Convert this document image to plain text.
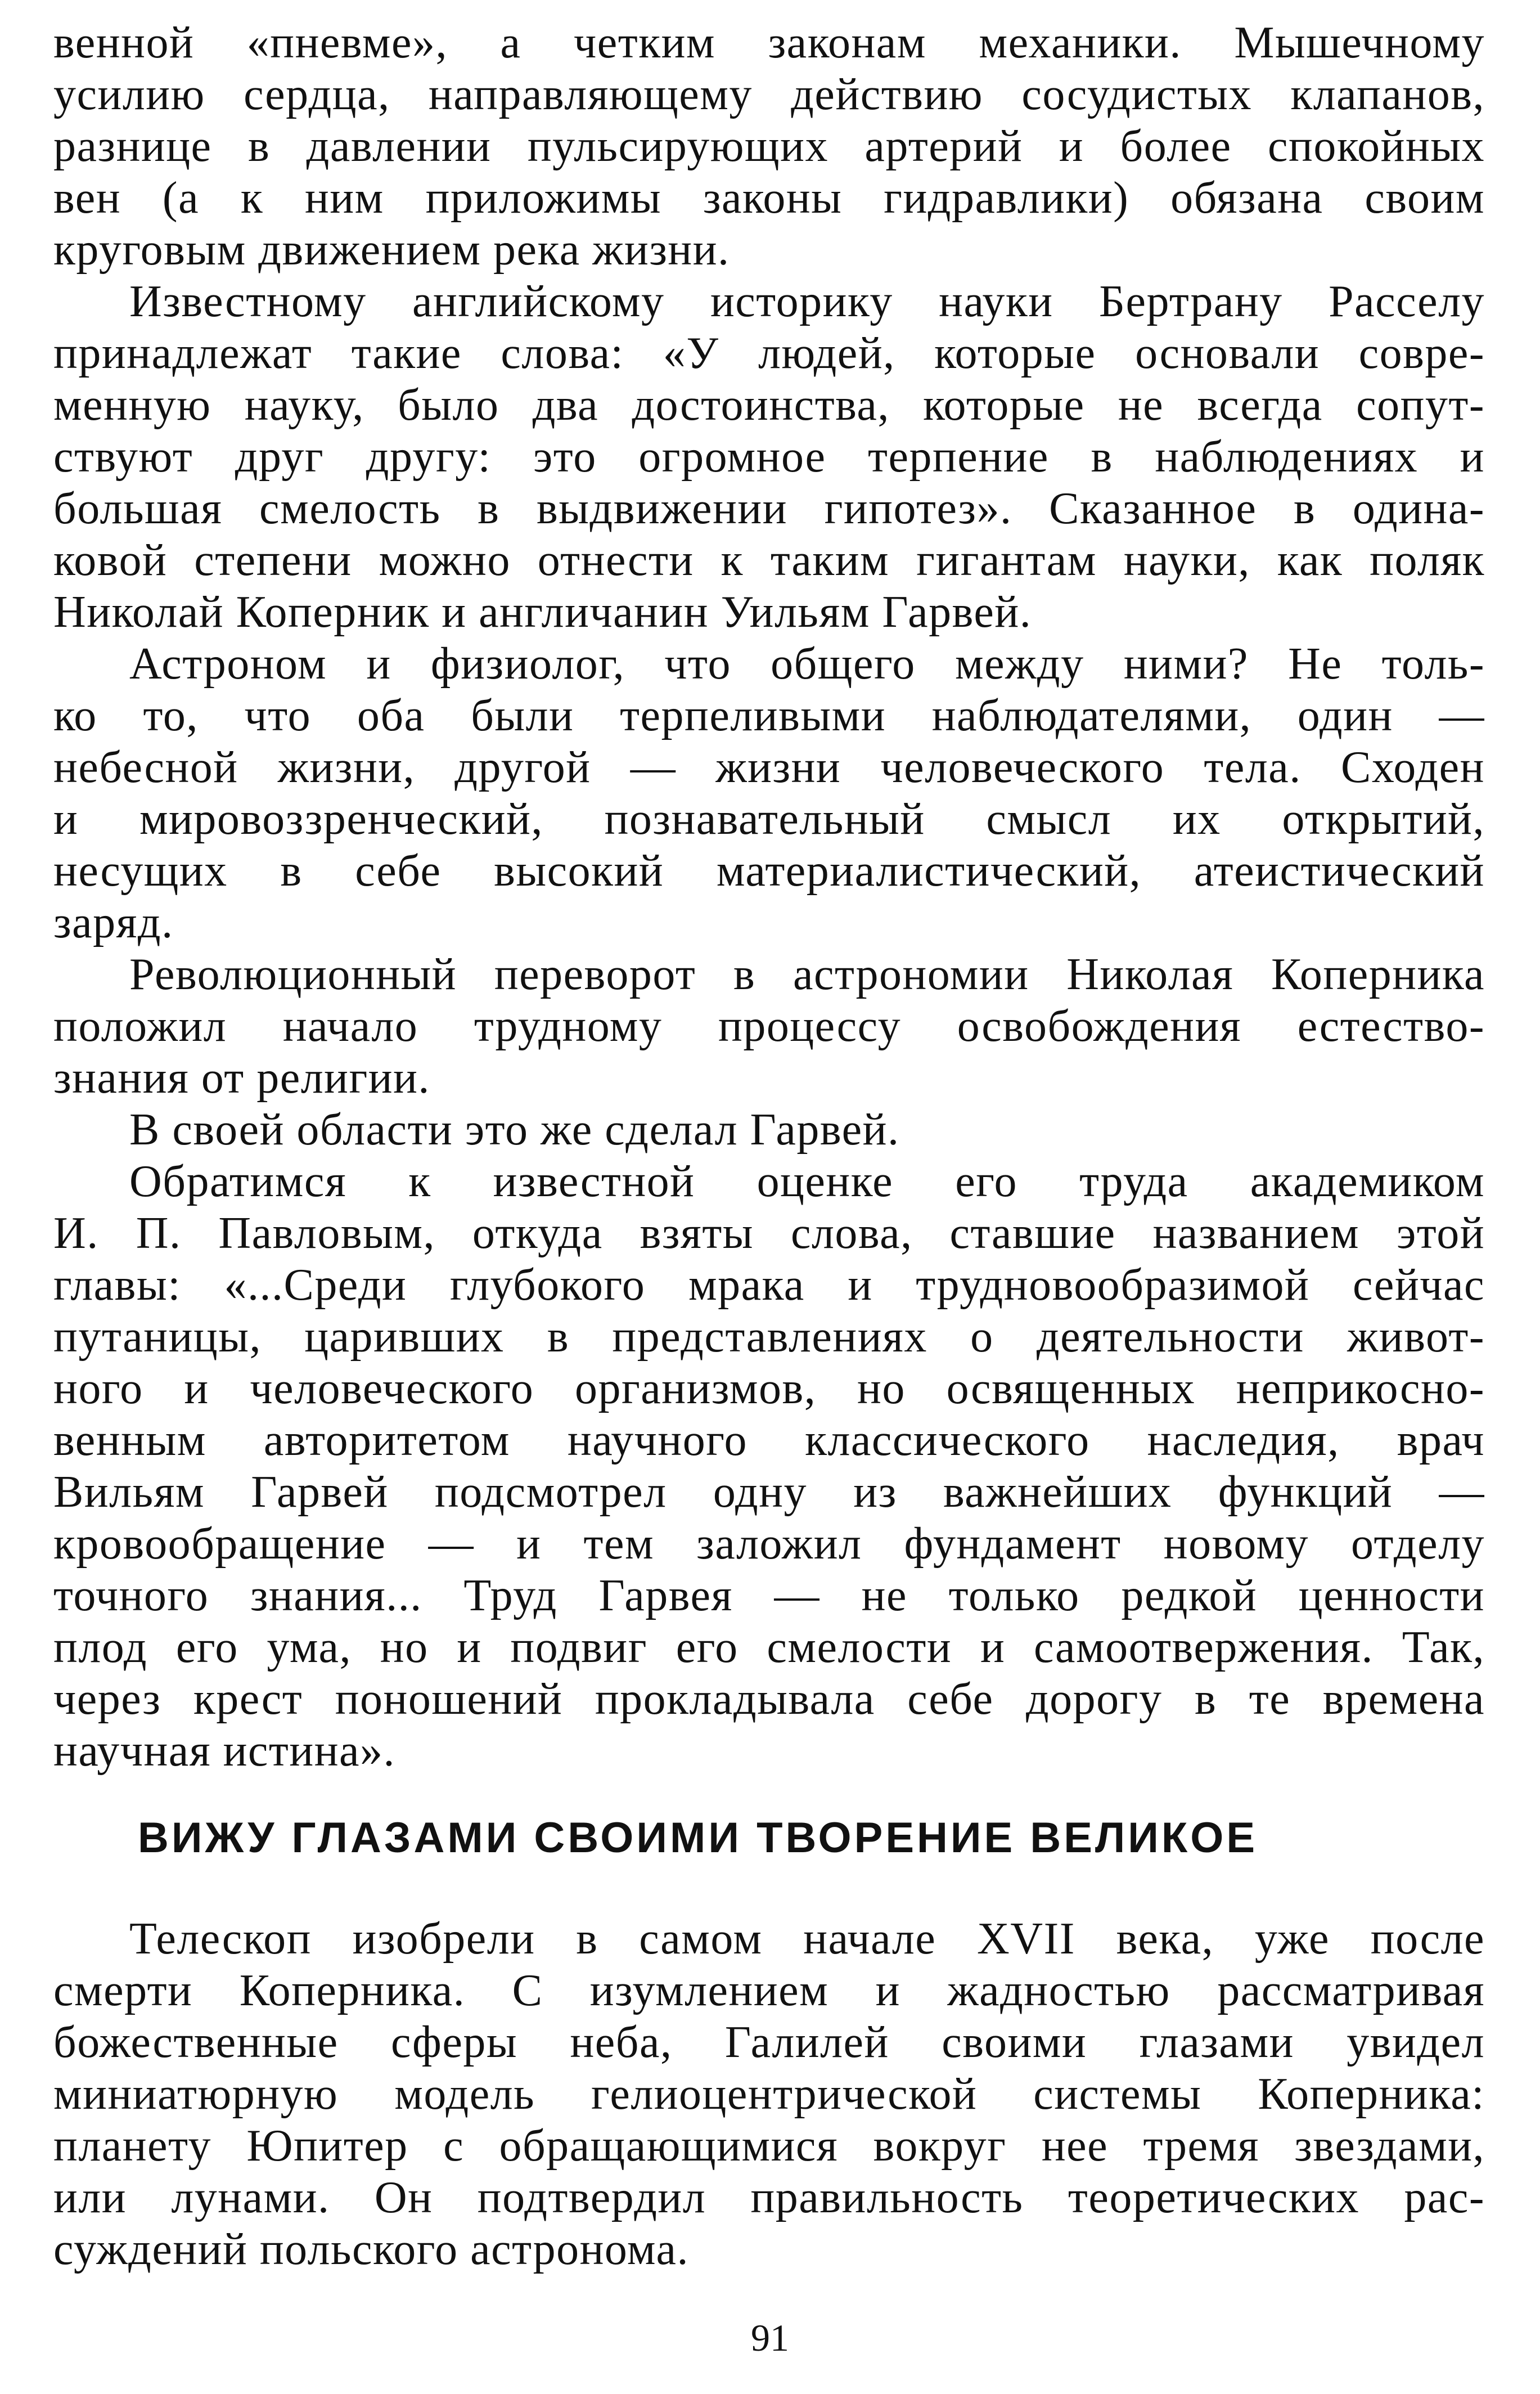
венной «пневме», а четким законам механики. Мышечному
усилию сердца, направляющему действию сосудистых клапанов,
разнице в давлении пульсирующих артерий и более спокойных
вен (а к ним приложимы законы гидравлики) обязана своим
круговым движением река жизни.
Известному английскому историку науки Бертрану Расселу
принадлежат такие слова: «У людей, которые основали совре-
менную науку, было два достоинства, которые не всегда сопут-
ствуют друг другу: это огромное терпение в наблюдениях и
большая смелость в выдвижении гипотез». Сказанное в одина-
ковой степени можно отнести к таким гигантам науки, как поляк
Николай Коперник и англичанин Уильям Гарвей.
Астроном и физиолог, что общего между ними? Не толь-
ко то, что оба были терпеливыми наблюдателями, один —
небесной жизни, другой — жизни человеческого тела. Сходен
и мировоззренческий, познавательный смысл их открытий,
несущих в себе высокий материалистический, атеистический
заряд.
Революционный переворот в астрономии Николая Коперника
положил начало трудному процессу освобождения естество-
знания от религии.
В своей области это же сделал Гарвей.
Обратимся к известной оценке его труда академиком
И. П. Павловым, откуда взяты слова, ставшие названием этой
главы: «...Среди глубокого мрака и трудновообразимой сейчас
путаницы, царивших в представлениях о деятельности живот-
ного и человеческого организмов, но освященных неприкосно-
венным авторитетом научного классического наследия, врач
Вильям Гарвей подсмотрел одну из важнейших функций —
кровообращение — и тем заложил фундамент новому отделу
точного знания... Труд Гарвея — не только редкой ценности
плод его ума, но и подвиг его смелости и самоотвержения. Так,
через крест поношений прокладывала себе дорогу в те времена
научная истина».
ВИЖУ ГЛАЗАМИ СВОИМИ ТВОРЕНИЕ ВЕЛИКОЕ
Телескоп изобрели в самом начале XVII века, уже после
смерти Коперника. С изумлением и жадностью рассматривая
божественные сферы неба, Галилей своими глазами увидел
миниатюрную модель гелиоцентрической системы Коперника:
планету Юпитер с обращающимися вокруг нее тремя звездами,
или лунами. Он подтвердил правильность теоретических рас-
суждений польского астронома.
91
